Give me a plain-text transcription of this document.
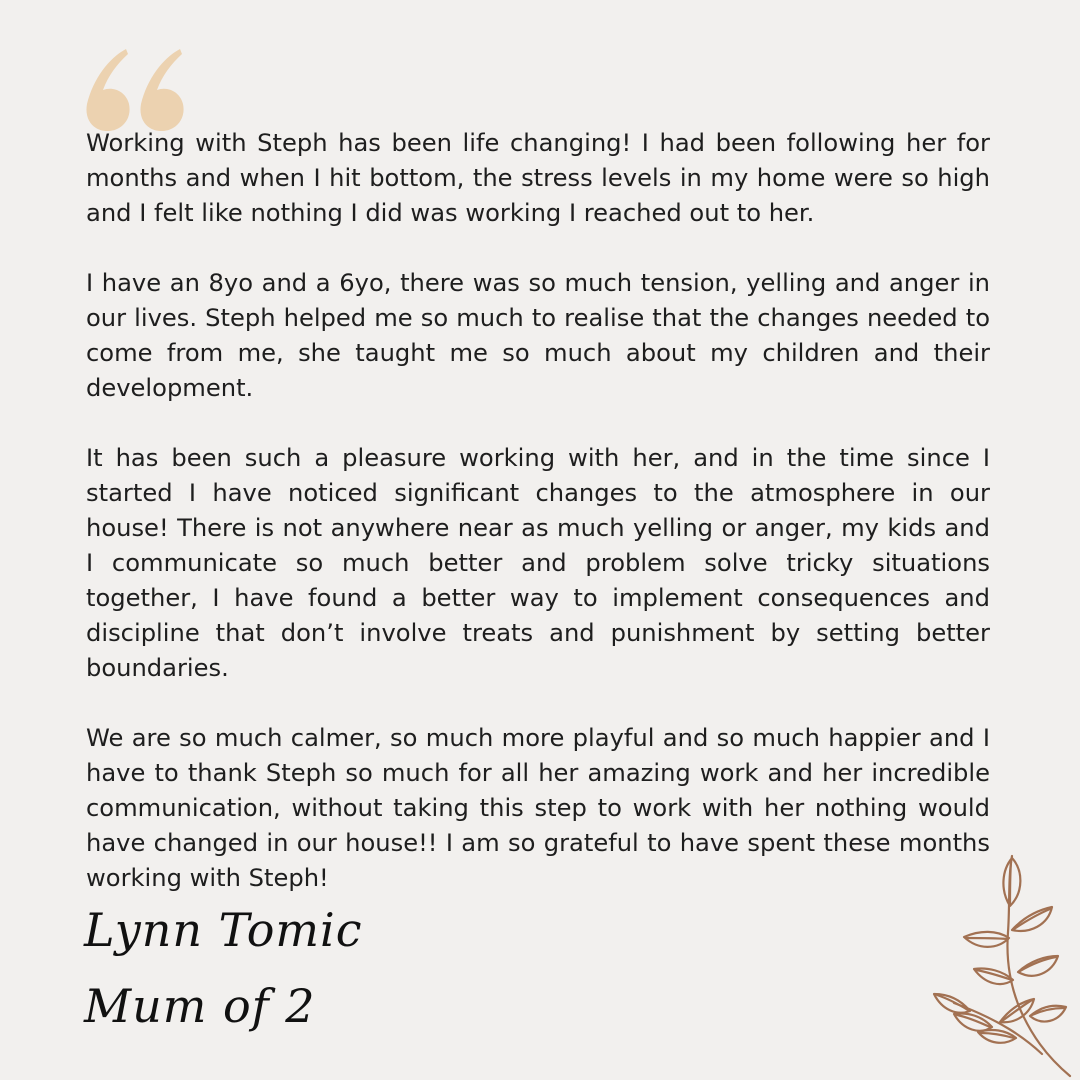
Working with Steph has been life changing! I had been following her for months and when I hit bottom, the stress levels in my home were so high and I felt like nothing I did was working I reached out to her.

I have an 8yo and a 6yo, there was so much tension, yelling and anger in our lives. Steph helped me so much to realise that the changes needed to come from me, she taught me so much about my children and their development.

It has been such a pleasure working with her, and in the time since I started I have noticed significant changes to the atmosphere in our house! There is not anywhere near as much yelling or anger, my kids and I communicate so much better and problem solve tricky situations together, I have found a better way to implement consequences and discipline that don’t involve treats and punishment by setting better boundaries.

We are so much calmer, so much more playful and so much happier and I have to thank Steph so much for all her amazing work and her incredible communication, without taking this step to work with her nothing would have changed in our house!! I am so grateful to have spent these months working with Steph!

Lynn Tomic
Mum of 2
